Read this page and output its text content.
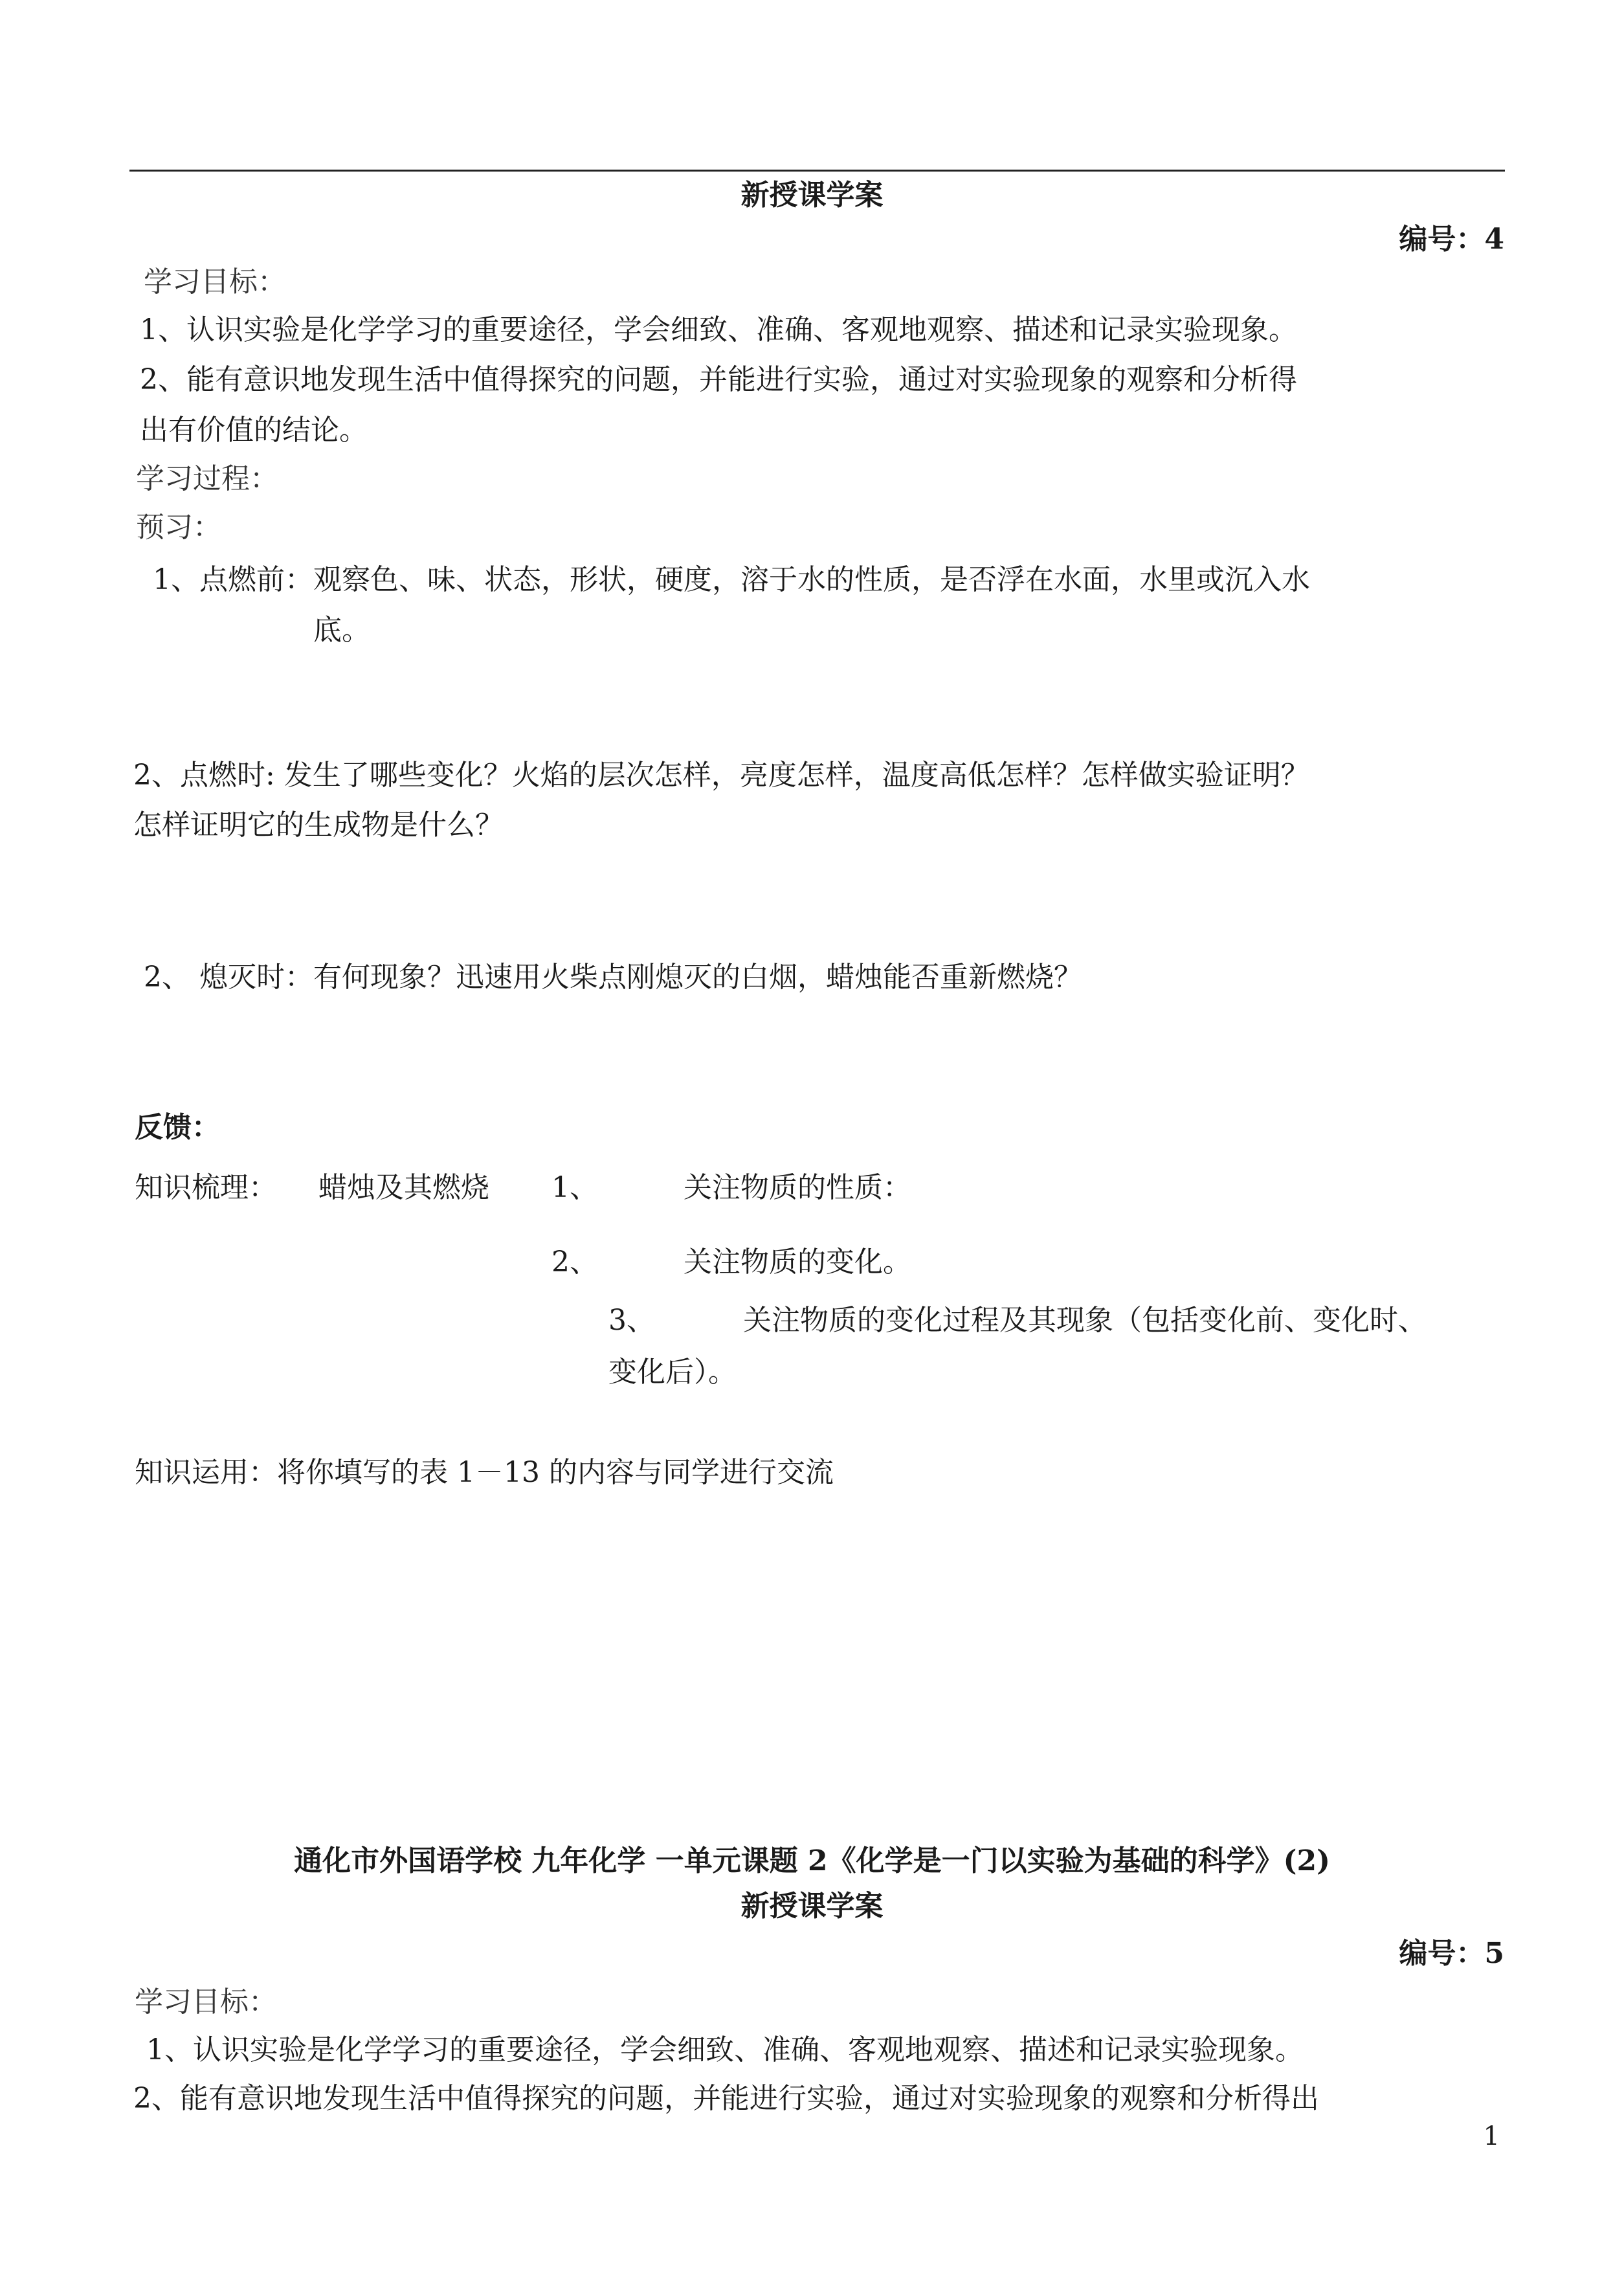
新授课学案
编号：4
学习目标：
1、认识实验是化学学习的重要途径，学会细致、准确、客观地观察、描述和记录实验现象。
2、能有意识地发现生活中值得探究的问题，并能进行实验，通过对实验现象的观察和分析得
出有价值的结论。
学习过程：
预习：
1、点燃前：观察色、味、状态，形状，硬度，溶于水的性质，是否浮在水面，水里或沉入水
底。
2、点燃时: 发生了哪些变化？火焰的层次怎样，亮度怎样，温度高低怎样？怎样做实验证明？
怎样证明它的生成物是什么？
2、 熄灭时：有何现象？迅速用火柴点刚熄灭的白烟，蜡烛能否重新燃烧？
反馈：
知识梳理： 蜡烛及其燃烧 1、	关注物质的性质：
2、	关注物质的变化。
3、	关注物质的变化过程及其现象（包括变化前、变化时、
变化后）。
知识运用：将你填写的表 1－13 的内容与同学进行交流
通化市外国语学校 九年化学 一单元课题 2《化学是一门以实验为基础的科学》(2)
新授课学案
编号：5
学习目标：
1、认识实验是化学学习的重要途径，学会细致、准确、客观地观察、描述和记录实验现象。
2、能有意识地发现生活中值得探究的问题，并能进行实验，通过对实验现象的观察和分析得出
1
